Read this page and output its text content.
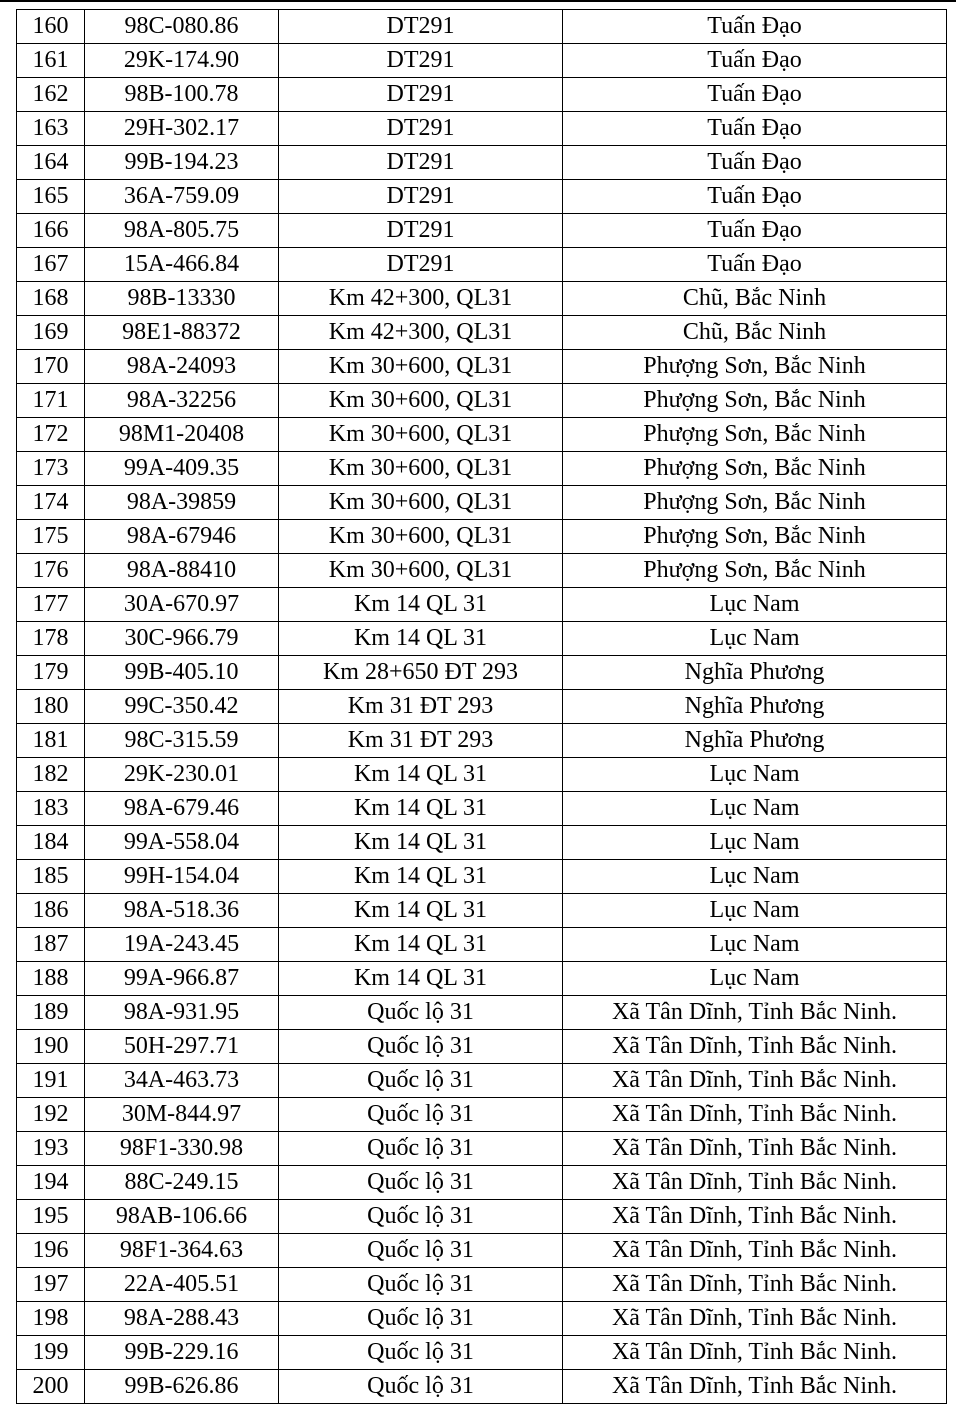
160	98C-080.86	DT291	Tuấn Đạo
161	29K-174.90	DT291	Tuấn Đạo
162	98B-100.78	DT291	Tuấn Đạo
163	29H-302.17	DT291	Tuấn Đạo
164	99B-194.23	DT291	Tuấn Đạo
165	36A-759.09	DT291	Tuấn Đạo
166	98A-805.75	DT291	Tuấn Đạo
167	15A-466.84	DT291	Tuấn Đạo
168	98B-13330	Km 42+300, QL31	Chũ, Bắc Ninh
169	98E1-88372	Km 42+300, QL31	Chũ, Bắc Ninh
170	98A-24093	Km 30+600, QL31	Phượng Sơn, Bắc Ninh
171	98A-32256	Km 30+600, QL31	Phượng Sơn, Bắc Ninh
172	98M1-20408	Km 30+600, QL31	Phượng Sơn, Bắc Ninh
173	99A-409.35	Km 30+600, QL31	Phượng Sơn, Bắc Ninh
174	98A-39859	Km 30+600, QL31	Phượng Sơn, Bắc Ninh
175	98A-67946	Km 30+600, QL31	Phượng Sơn, Bắc Ninh
176	98A-88410	Km 30+600, QL31	Phượng Sơn, Bắc Ninh
177	30A-670.97	Km 14 QL 31	Lục Nam
178	30C-966.79	Km 14 QL 31	Lục Nam
179	99B-405.10	Km 28+650 ĐT 293	Nghĩa Phương
180	99C-350.42	Km 31 ĐT 293	Nghĩa Phương
181	98C-315.59	Km 31 ĐT 293	Nghĩa Phương
182	29K-230.01	Km 14 QL 31	Lục Nam
183	98A-679.46	Km 14 QL 31	Lục Nam
184	99A-558.04	Km 14 QL 31	Lục Nam
185	99H-154.04	Km 14 QL 31	Lục Nam
186	98A-518.36	Km 14 QL 31	Lục Nam
187	19A-243.45	Km 14 QL 31	Lục Nam
188	99A-966.87	Km 14 QL 31	Lục Nam
189	98A-931.95	Quốc lộ 31	Xã Tân Dĩnh, Tỉnh Bắc Ninh.
190	50H-297.71	Quốc lộ 31	Xã Tân Dĩnh, Tỉnh Bắc Ninh.
191	34A-463.73	Quốc lộ 31	Xã Tân Dĩnh, Tỉnh Bắc Ninh.
192	30M-844.97	Quốc lộ 31	Xã Tân Dĩnh, Tỉnh Bắc Ninh.
193	98F1-330.98	Quốc lộ 31	Xã Tân Dĩnh, Tỉnh Bắc Ninh.
194	88C-249.15	Quốc lộ 31	Xã Tân Dĩnh, Tỉnh Bắc Ninh.
195	98AB-106.66	Quốc lộ 31	Xã Tân Dĩnh, Tỉnh Bắc Ninh.
196	98F1-364.63	Quốc lộ 31	Xã Tân Dĩnh, Tỉnh Bắc Ninh.
197	22A-405.51	Quốc lộ 31	Xã Tân Dĩnh, Tỉnh Bắc Ninh.
198	98A-288.43	Quốc lộ 31	Xã Tân Dĩnh, Tỉnh Bắc Ninh.
199	99B-229.16	Quốc lộ 31	Xã Tân Dĩnh, Tỉnh Bắc Ninh.
200	99B-626.86	Quốc lộ 31	Xã Tân Dĩnh, Tỉnh Bắc Ninh.
